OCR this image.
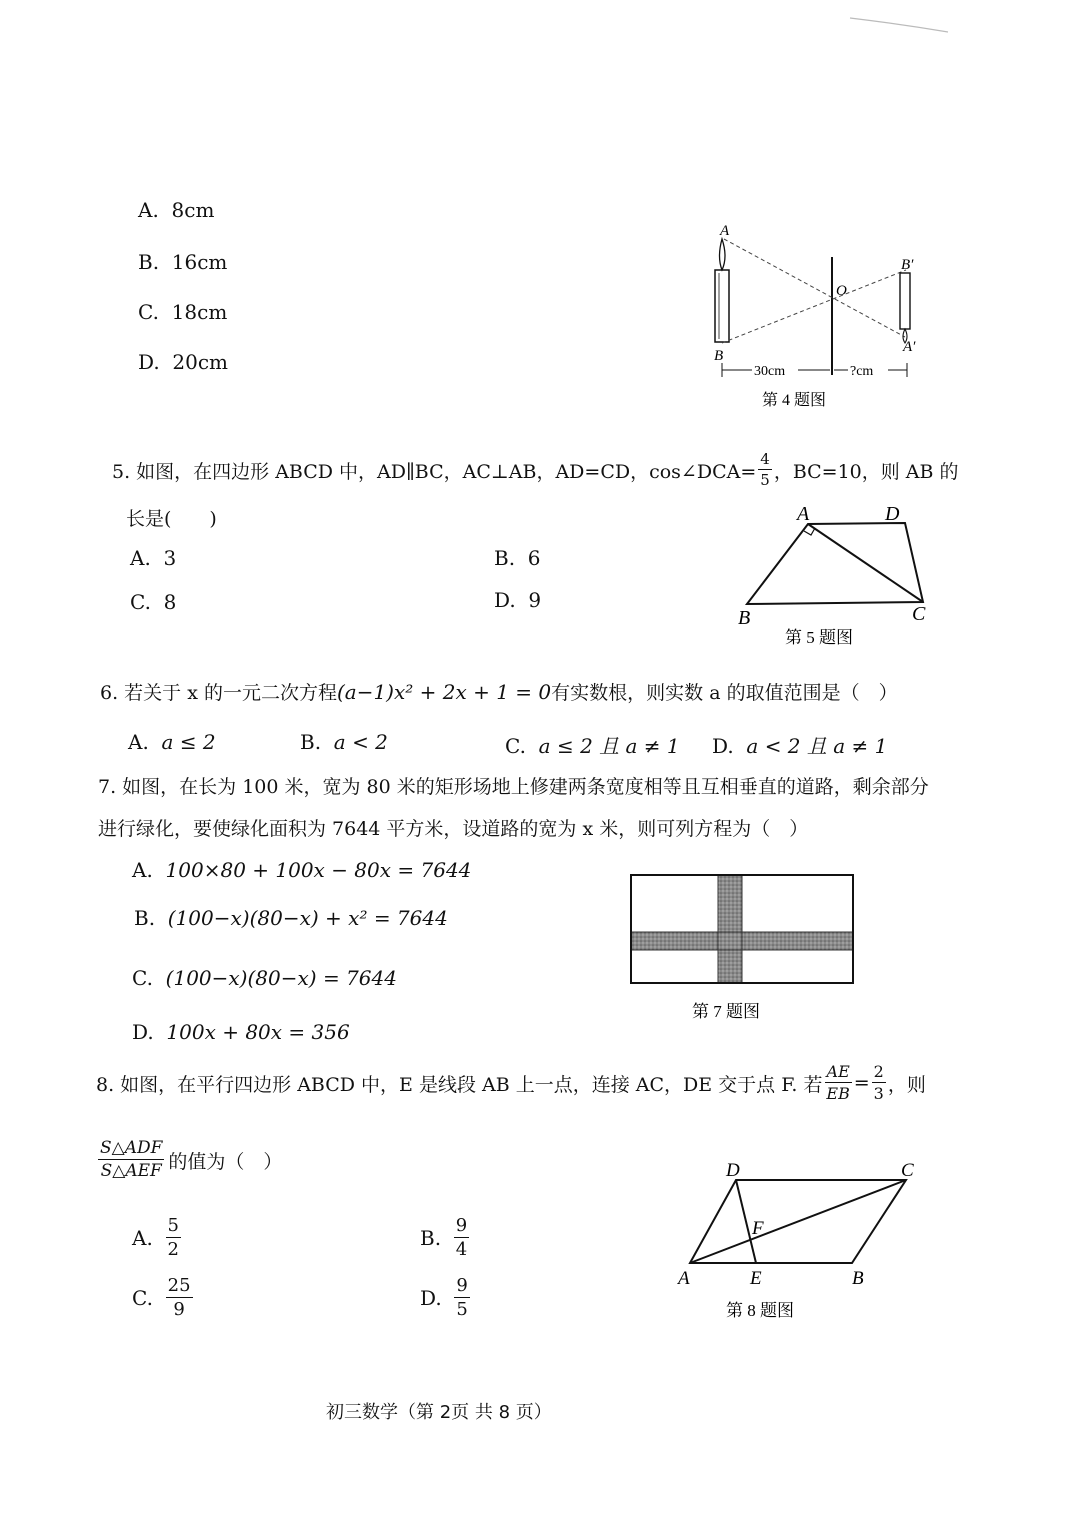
A. 8cm
B. 16cm
C. 18cm
D. 20cm
A
B
O
B′
A′
30cm	?cm
第 4 题图
5. 如图，在四边形 ABCD 中，AD∥BC，AC⊥AB，AD=CD，cos∠DCA= $\frac{4}{5}$ ，BC=10，则 AB 的
长是(　　)
A. 3	B. 6
C. 8	D. 9
A	D
B	C
第 5 题图
6. 若关于 x 的一元二次方程(a−1)x² + 2x + 1 = 0有实数根，则实数 a 的取值范围是（　）
A. a ≤ 2	B. a < 2	C. a ≤ 2 且 a ≠ 1 D. a < 2 且 a ≠ 1
7. 如图，在长为 100 米，宽为 80 米的矩形场地上修建两条宽度相等且互相垂直的道路，剩余部分
进行绿化，要使绿化面积为 7644 平方米，设道路的宽为 x 米，则可列方程为（　）
A. 100×80 + 100x − 80x = 7644
B. (100−x)(80−x) + x² = 7644
C. (100−x)(80−x) = 7644
D. 100x + 80x = 356
第 7 题图
8. 如图，在平行四边形 ABCD 中，E 是线段 AB 上一点，连接 AC，DE 交于点 F. 若 $\frac{AE}{EB} = \frac{2}{3}$ ，则
$\frac{\text{S△ADF}}{\text{S△AEF}}$ 的值为（　）
A.
$\frac{5}{2}$	B.
$\frac{9}{4}$
C.
$\frac{25}{9}$	D.
$\frac{9}{5}$
D	C
F
A	E	B
第 8 题图
初三数学（第 2页 共 8 页）
